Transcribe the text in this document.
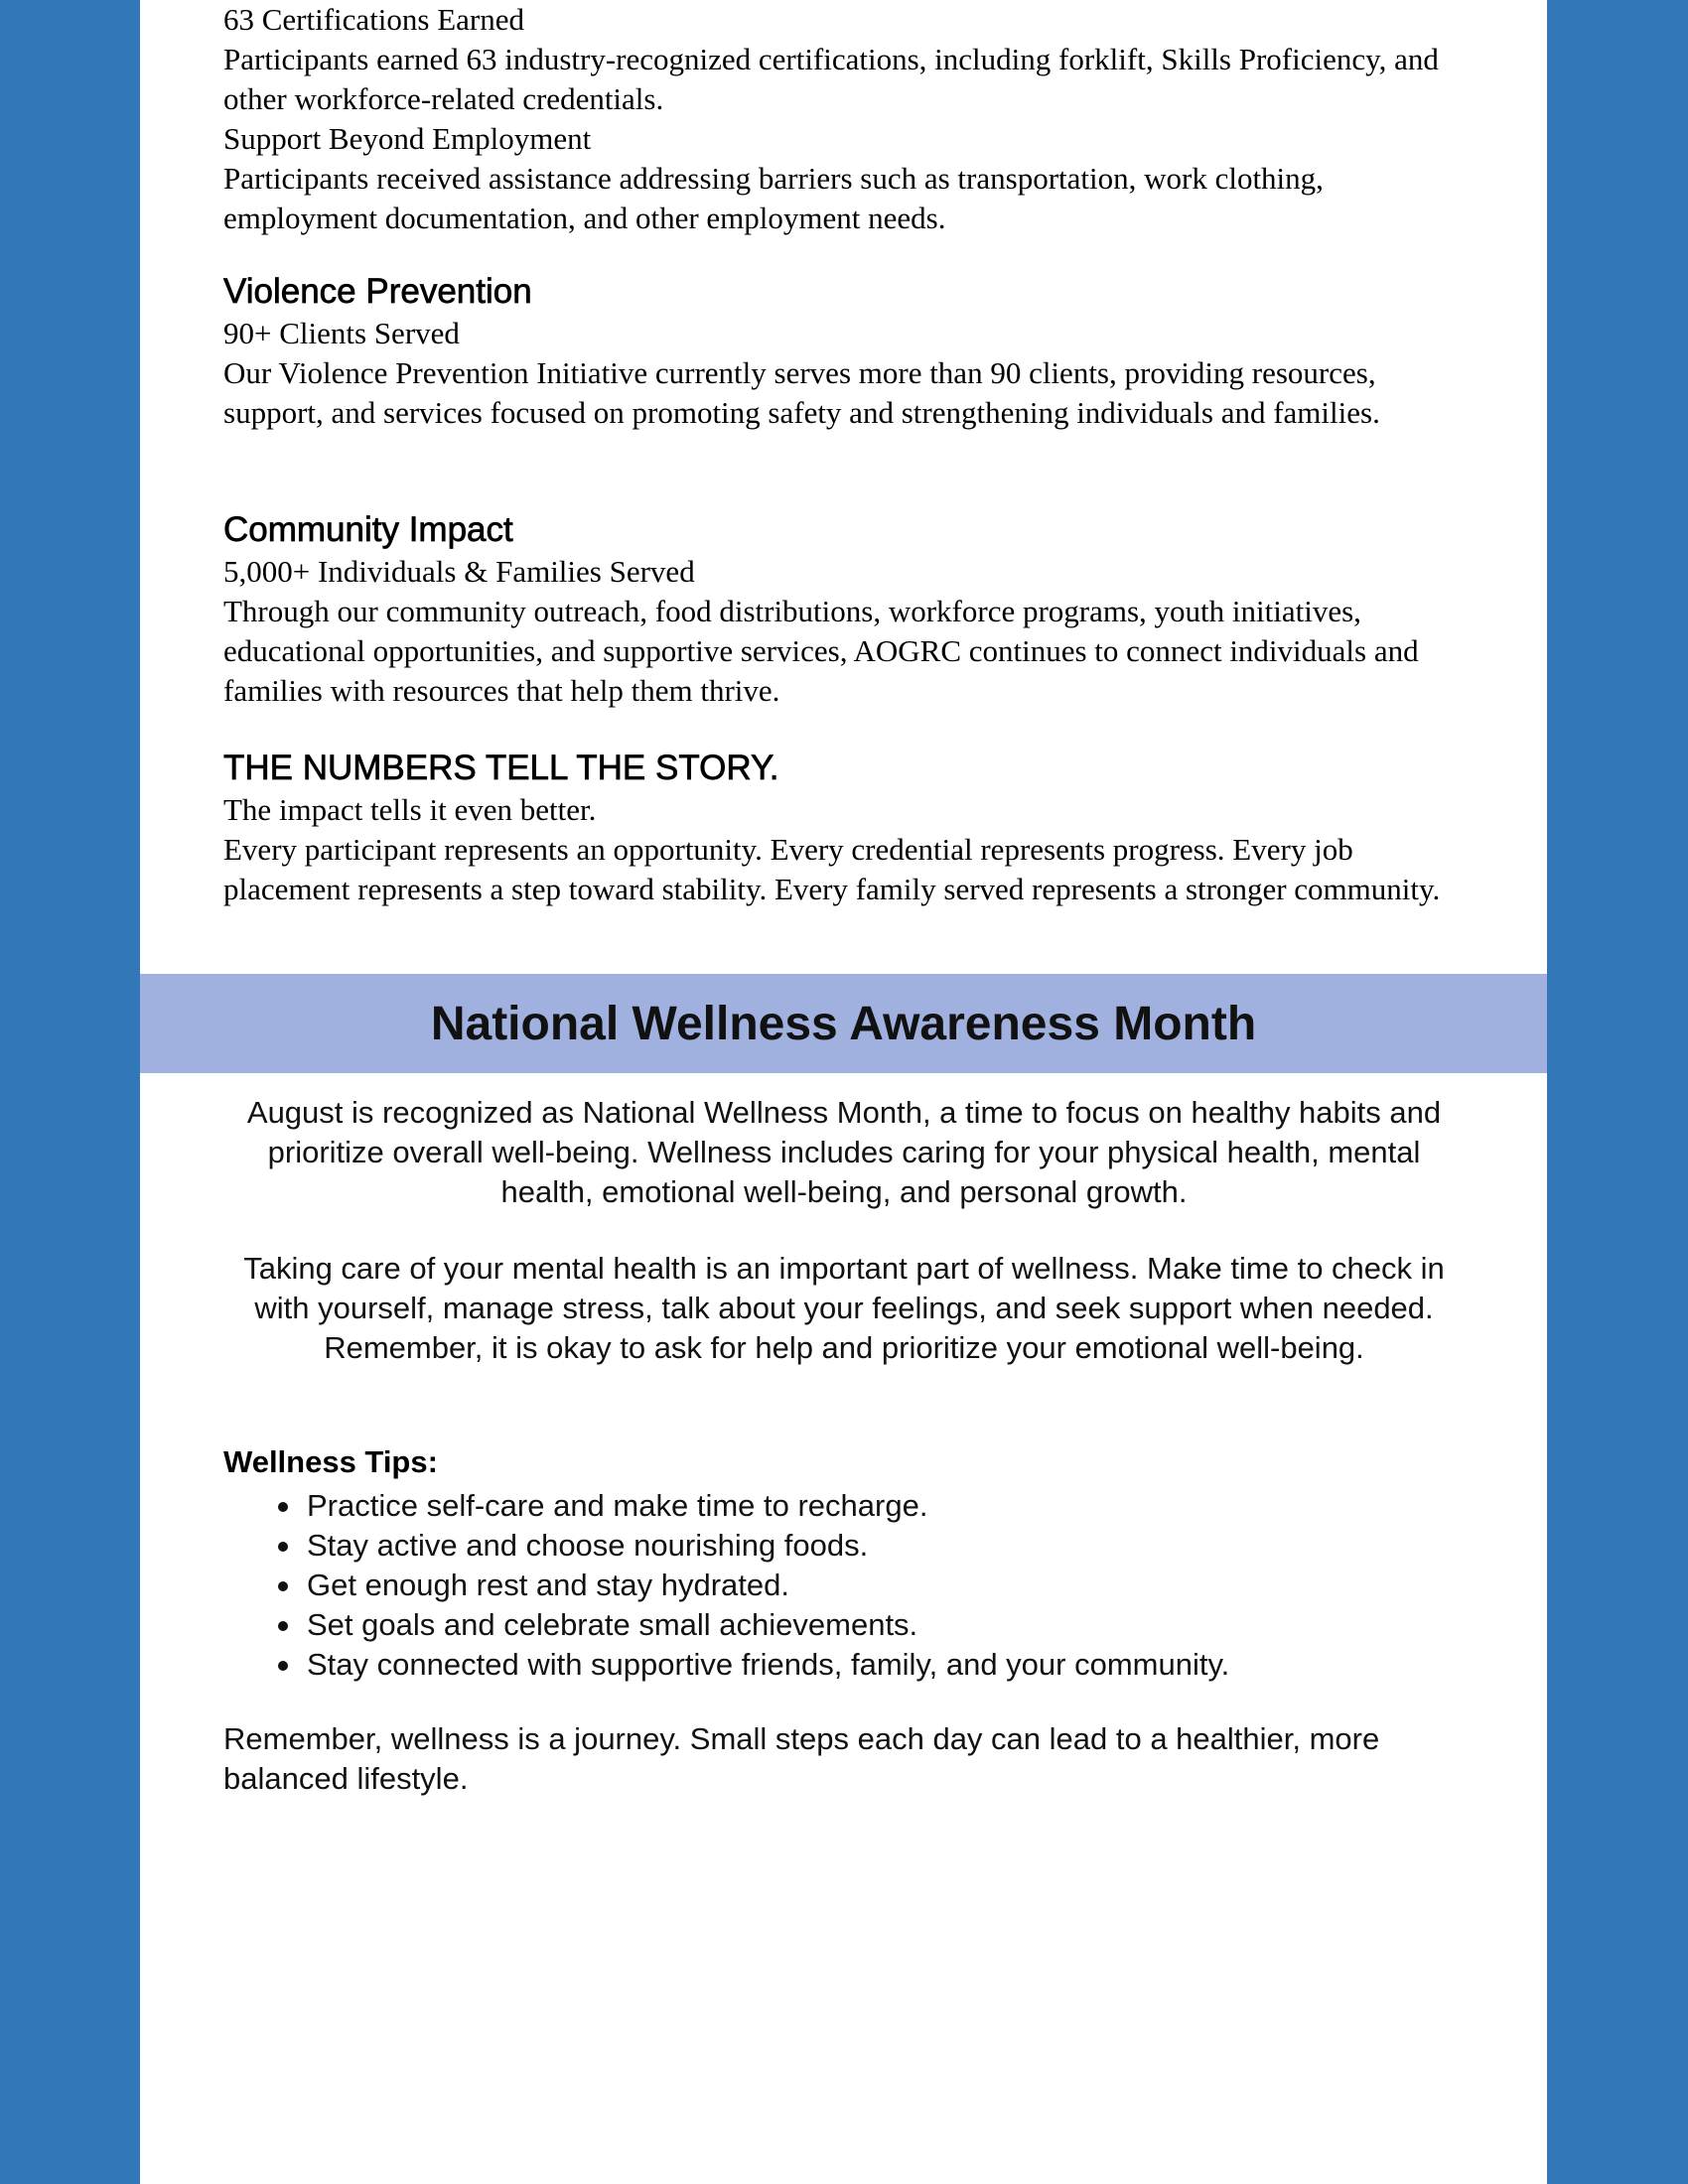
63 Certifications Earned

Participants earned 63 industry-recognized certifications, including forklift, Skills Proficiency, and other workforce-related credentials.

Support Beyond Employment

Participants received assistance addressing barriers such as transportation, work clothing, employment documentation, and other employment needs.

Violence Prevention

90+ Clients Served

Our Violence Prevention Initiative currently serves more than 90 clients, providing resources, support, and services focused on promoting safety and strengthening individuals and families.

Community Impact

5,000+ Individuals & Families Served

Through our community outreach, food distributions, workforce programs, youth initiatives, educational opportunities, and supportive services, AOGRC continues to connect individuals and families with resources that help them thrive.

THE NUMBERS TELL THE STORY.

The impact tells it even better.

Every participant represents an opportunity. Every credential represents progress. Every job placement represents a step toward stability. Every family served represents a stronger community.

National Wellness Awareness Month

August is recognized as National Wellness Month, a time to focus on healthy habits and prioritize overall well-being. Wellness includes caring for your physical health, mental health, emotional well-being, and personal growth.

Taking care of your mental health is an important part of wellness. Make time to check in with yourself, manage stress, talk about your feelings, and seek support when needed. Remember, it is okay to ask for help and prioritize your emotional well-being.

Wellness Tips:

Practice self-care and make time to recharge.
Stay active and choose nourishing foods.
Get enough rest and stay hydrated.
Set goals and celebrate small achievements.
Stay connected with supportive friends, family, and your community.

Remember, wellness is a journey. Small steps each day can lead to a healthier, more balanced lifestyle.
